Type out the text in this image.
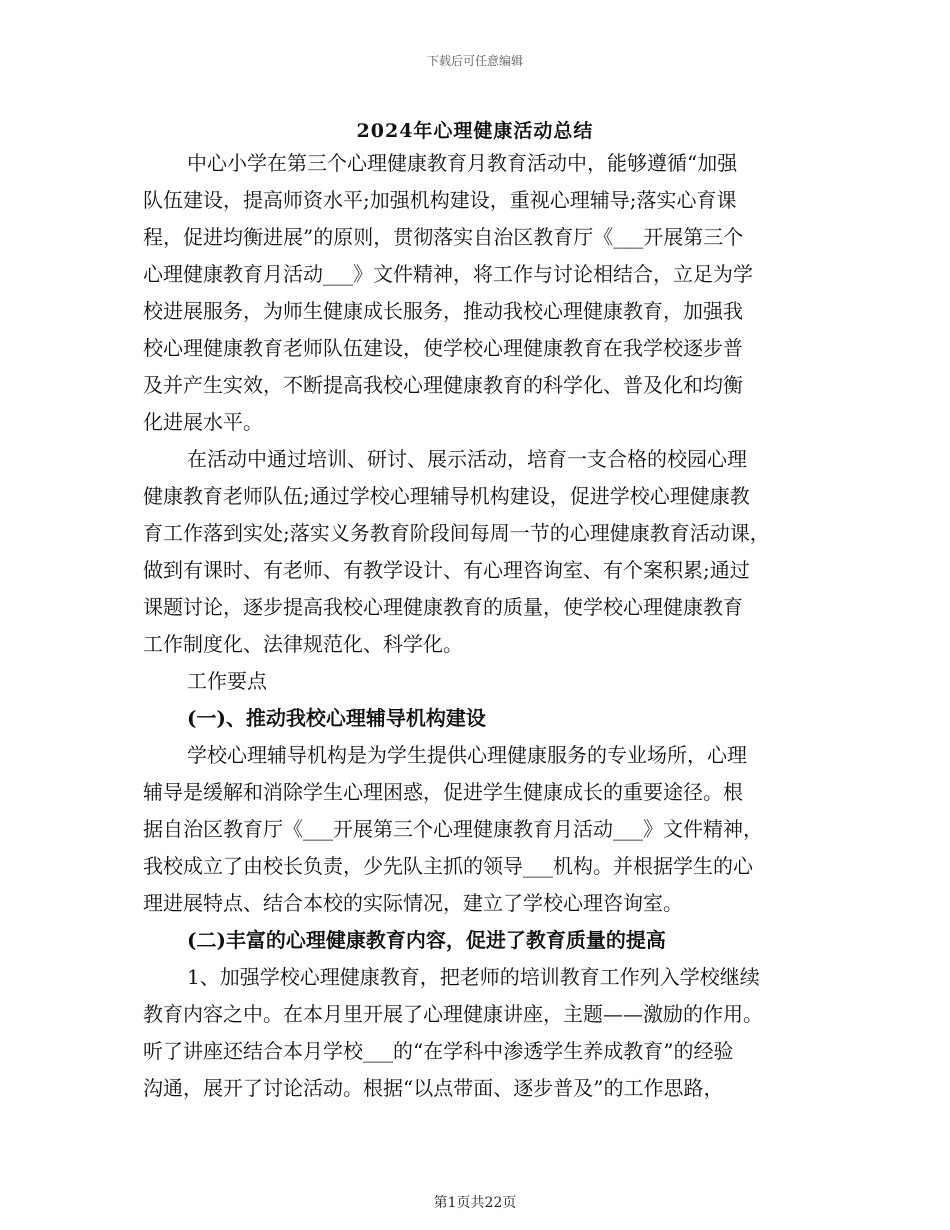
下载后可任意编辑
2024年心理健康活动总结
中心小学在第三个心理健康教育月教育活动中，能够遵循“加强
队伍建设，提高师资水平;加强机构建设，重视心理辅导;落实心育课
程，促进均衡进展”的原则，贯彻落实自治区教育厅《___开展第三个
心理健康教育月活动___》文件精神，将工作与讨论相结合，立足为学
校进展服务，为师生健康成长服务，推动我校心理健康教育，加强我
校心理健康教育老师队伍建设，使学校心理健康教育在我学校逐步普
及并产生实效，不断提高我校心理健康教育的科学化、普及化和均衡
化进展水平。
在活动中通过培训、研讨、展示活动，培育一支合格的校园心理
健康教育老师队伍;通过学校心理辅导机构建设，促进学校心理健康教
育工作落到实处;落实义务教育阶段间每周一节的心理健康教育活动课，
做到有课时、有老师、有教学设计、有心理咨询室、有个案积累;通过
课题讨论，逐步提高我校心理健康教育的质量，使学校心理健康教育
工作制度化、法律规范化、科学化。
工作要点
(一)、推动我校心理辅导机构建设
学校心理辅导机构是为学生提供心理健康服务的专业场所，心理
辅导是缓解和消除学生心理困惑，促进学生健康成长的重要途径。根
据自治区教育厅《___开展第三个心理健康教育月活动___》文件精神，
我校成立了由校长负责，少先队主抓的领导___机构。并根据学生的心
理进展特点、结合本校的实际情况，建立了学校心理咨询室。
(二)丰富的心理健康教育内容，促进了教育质量的提高
1、加强学校心理健康教育，把老师的培训教育工作列入学校继续
教育内容之中。在本月里开展了心理健康讲座，主题——激励的作用。
听了讲座还结合本月学校___的“在学科中渗透学生养成教育”的经验
沟通，展开了讨论活动。根据“以点带面、逐步普及”的工作思路，
第1页共22页
